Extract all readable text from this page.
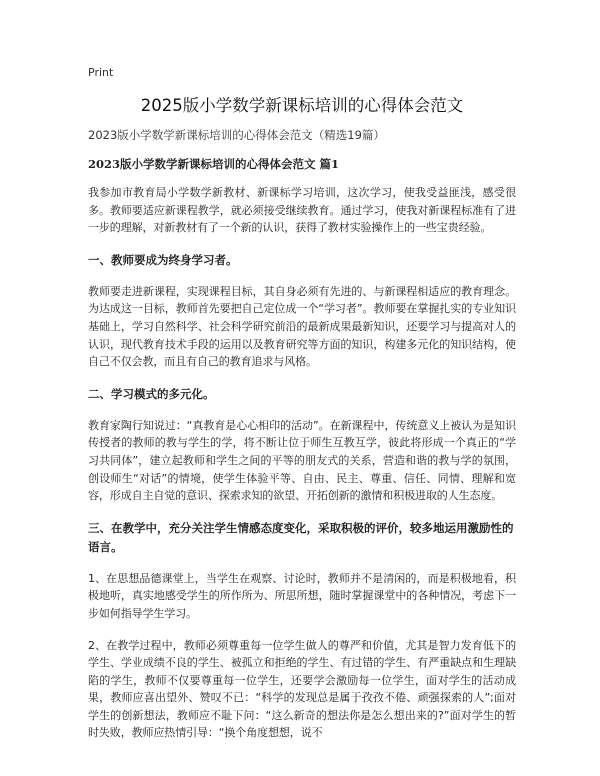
Print
2025版小学数学新课标培训的心得体会范文
2023版小学数学新课标培训的心得体会范文（精选19篇）
2023版小学数学新课标培训的心得体会范文 篇1

我参加市教育局小学数学新教材、新课标学习培训，这次学习，使我受益匪浅，感受很多。教师要适应新课程教学，就必须接受继续教育。通过学习，使我对新课程标准有了进一步的理解，对新教材有了一个新的认识，获得了教材实验操作上的一些宝贵经验。

一、教师要成为终身学习者。

教师要走进新课程，实现课程目标，其自身必须有先进的、与新课程相适应的教育理念。为达成这一目标，教师首先要把自己定位成一个“学习者”。教师要在掌握扎实的专业知识基础上，学习自然科学、社会科学研究前沿的最新成果最新知识，还要学习与提高对人的认识，现代教育技术手段的运用以及教育研究等方面的知识，构建多元化的知识结构，使自己不仅会教，而且有自己的教育追求与风格。

二、学习模式的多元化。

教育家陶行知说过：“真教育是心心相印的活动”。在新课程中，传统意义上被认为是知识传授者的教师的教与学生的学，将不断让位于师生互教互学，彼此将形成一个真正的“学习共同体”，建立起教师和学生之间的平等的朋友式的关系，营造和谐的教与学的氛围，创设师生“对话”的情境，使学生体验平等、自由、民主、尊重、信任、同情、理解和宽容，形成自主自觉的意识、探索求知的欲望、开拓创新的激情和积极进取的人生态度。

三、在教学中，充分关注学生情感态度变化，采取积极的评价，较多地运用激励性的语言。

1、在思想品德课堂上，当学生在观察、讨论时，教师并不是清闲的，而是积极地看，积极地听，真实地感受学生的所作所为、所思所想，随时掌握课堂中的各种情况，考虑下一步如何指导学生学习。

2、在教学过程中，教师必须尊重每一位学生做人的尊严和价值，尤其是智力发育低下的学生、学业成绩不良的学生、被孤立和拒绝的学生、有过错的学生、有严重缺点和生理缺陷的学生，教师不仅要尊重每一位学生，还要学会激励每一位学生，面对学生的活动成果，教师应喜出望外、赞叹不已：“科学的发现总是属于孜孜不倦、顽强探索的人”;面对学生的创新想法，教师应不耻下问：“这么新奇的想法你是怎么想出来的?”面对学生的暂时失败，教师应热情引导：“换个角度想想，说不
